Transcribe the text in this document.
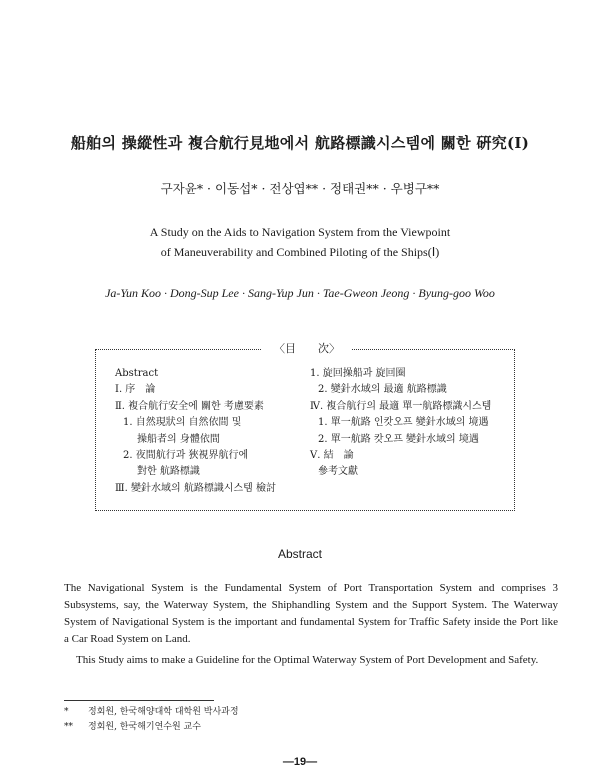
船舶의 操縱性과 複合航行見地에서 航路標識시스템에 關한 硏究(Ⅰ)
구자윤* · 이동섭* · 전상엽** · 정태권** · 우병구**
A Study on the Aids to Navigation System from the Viewpoint
of Maneuverability and Combined Piloting of the Ships(Ⅰ)
Ja-Yun Koo · Dong-Sup Lee · Sang-Yup Jun · Tae-Gweon Jeong · Byung-goo Woo
〈目　　次〉
Abstract
Ⅰ. 序　論
Ⅱ. 複合航行安全에 關한 考慮要素
1. 自然現狀의 自然依間 및
操船者의 身體依間
2. 夜間航行과 狹視界航行에
對한 航路標識
Ⅲ. 變針水域의 航路標識시스템 檢討
1. 旋回操船과 旋回圈
2. 變針水域의 最適 航路標識
Ⅳ. 複合航行의 最適 單一航路標識시스템
1. 單一航路 인캇오프 變針水域의 境遇
2. 單一航路 캇오프 變針水域의 境遇
Ⅴ. 結　論
參考文獻
Abstract

The Navigational System is the Fundamental System of Port Transportation System and comprises 3 Subsystems, say, the Waterway System, the Shiphandling System and the Support System. The Waterway System of Navigational System is the important and fundamental System for Traffic Safety inside the Port like a Car Road System on Land.

This Study aims to make a Guideline for the Optimal Waterway System of Port Development and Safety.

* 정회원, 한국해양대학 대학원 박사과정
** 정회원, 한국해기연수원 교수
—19—
